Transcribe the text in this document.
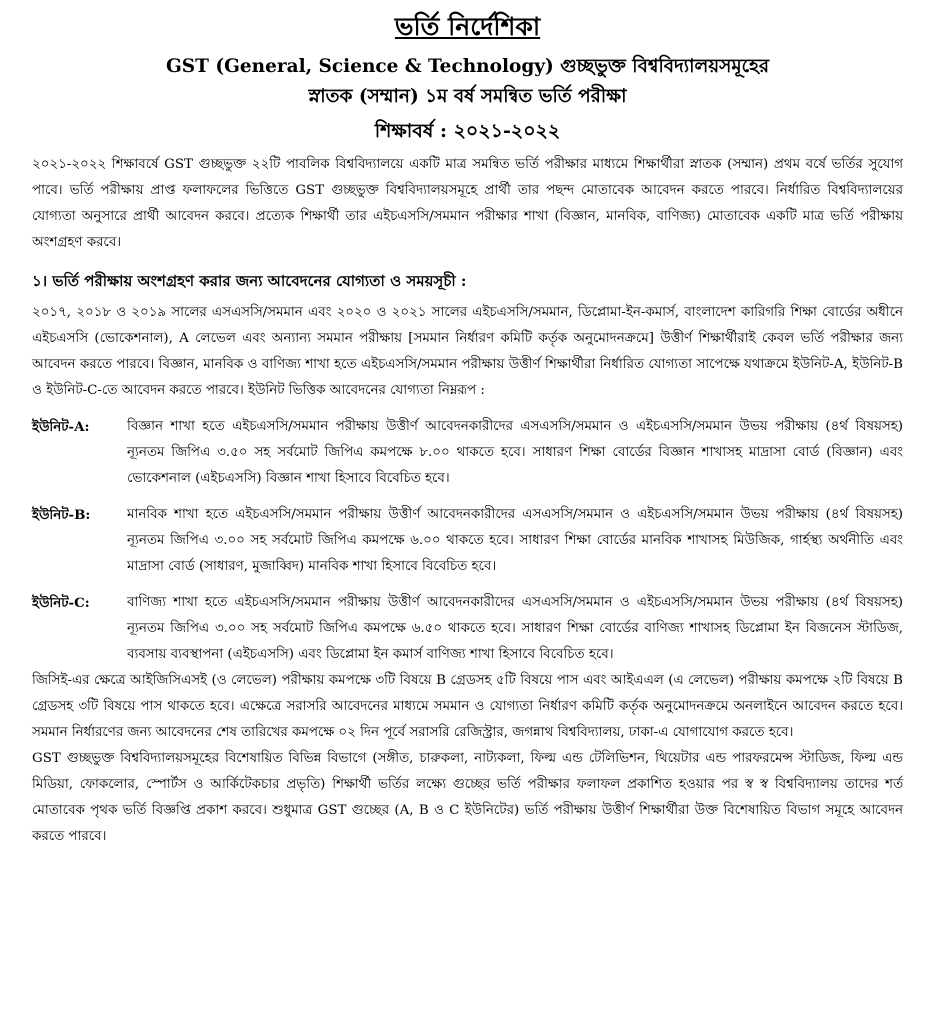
ভর্তি নির্দেশিকা
GST (General, Science & Technology) গুচ্ছভুক্ত বিশ্ববিদ্যালয়সমূহের
স্নাতক (সম্মান) ১ম বর্ষ সমন্বিত ভর্তি পরীক্ষা
শিক্ষাবর্ষ : ২০২১-২০২২

২০২১-২০২২ শিক্ষাবর্ষে GST গুচ্ছভুক্ত ২২টি পাবলিক বিশ্ববিদ্যালয়ে একটি মাত্র সমন্বিত ভর্তি পরীক্ষার মাধ্যমে শিক্ষার্থীরা স্নাতক (সম্মান) প্রথম বর্ষে ভর্তির সুযোগ পাবে। ভর্তি পরীক্ষায় প্রাপ্ত ফলাফলের ভিত্তিতে GST গুচ্ছভুক্ত বিশ্ববিদ্যালয়সমূহে প্রার্থী তার পছন্দ মোতাবেক আবেদন করতে পারবে। নির্ধারিত বিশ্ববিদ্যালয়ের যোগ্যতা অনুসারে প্রার্থী আবেদন করবে। প্রত্যেক শিক্ষার্থী তার এইচএসসি/সমমান পরীক্ষার শাখা (বিজ্ঞান, মানবিক, বাণিজ্য) মোতাবেক একটি মাত্র ভর্তি পরীক্ষায় অংশগ্রহণ করবে।

১। ভর্তি পরীক্ষায় অংশগ্রহণ করার জন্য আবেদনের যোগ্যতা ও সময়সূচী :

২০১৭, ২০১৮ ও ২০১৯ সালের এসএসসি/সমমান এবং ২০২০ ও ২০২১ সালের এইচএসসি/সমমান, ডিপ্লোমা-ইন-কমার্স, বাংলাদেশ কারিগরি শিক্ষা বোর্ডের অধীনে এইচএসসি (ভোকেশনাল), A লেভেল এবং অন্যান্য সমমান পরীক্ষায় [সমমান নির্ধারণ কমিটি কর্তৃক অনুমোদনক্রমে] উত্তীর্ণ শিক্ষার্থীরাই কেবল ভর্তি পরীক্ষার জন্য আবেদন করতে পারবে। বিজ্ঞান, মানবিক ও বাণিজ্য শাখা হতে এইচএসসি/সমমান পরীক্ষায় উত্তীর্ণ শিক্ষার্থীরা নির্ধারিত যোগ্যতা সাপেক্ষে যথাক্রমে ইউনিট-A, ইউনিট-B ও ইউনিট-C-তে আবেদন করতে পারবে। ইউনিট ভিত্তিক আবেদনের যোগ্যতা নিম্নরূপ :

ইউনিট-A:	বিজ্ঞান শাখা হতে এইচএসসি/সমমান পরীক্ষায় উত্তীর্ণ আবেদনকারীদের এসএসসি/সমমান ও এইচএসসি/সমমান উভয় পরীক্ষায় (৪র্থ বিষয়সহ) ন্যূনতম জিপিএ ৩.৫০ সহ সর্বমোট জিপিএ কমপক্ষে ৮.০০ থাকতে হবে। সাধারণ শিক্ষা বোর্ডের বিজ্ঞান শাখাসহ মাদ্রাসা বোর্ড (বিজ্ঞান) এবং ভোকেশনাল (এইচএসসি) বিজ্ঞান শাখা হিসাবে বিবেচিত হবে।

ইউনিট-B:	মানবিক শাখা হতে এইচএসসি/সমমান পরীক্ষায় উত্তীর্ণ আবেদনকারীদের এসএসসি/সমমান ও এইচএসসি/সমমান উভয় পরীক্ষায় (৪র্থ বিষয়সহ) ন্যূনতম জিপিএ ৩.০০ সহ সর্বমোট জিপিএ কমপক্ষে ৬.০০ থাকতে হবে। সাধারণ শিক্ষা বোর্ডের মানবিক শাখাসহ মিউজিক, গার্হস্থ্য অর্থনীতি এবং মাদ্রাসা বোর্ড (সাধারণ, মুজাব্বিদ) মানবিক শাখা হিসাবে বিবেচিত হবে।

ইউনিট-C:	বাণিজ্য শাখা হতে এইচএসসি/সমমান পরীক্ষায় উত্তীর্ণ আবেদনকারীদের এসএসসি/সমমান ও এইচএসসি/সমমান উভয় পরীক্ষায় (৪র্থ বিষয়সহ) ন্যূনতম জিপিএ ৩.০০ সহ সর্বমোট জিপিএ কমপক্ষে ৬.৫০ থাকতে হবে। সাধারণ শিক্ষা বোর্ডের বাণিজ্য শাখাসহ ডিপ্লোমা ইন বিজনেস স্টাডিজ, ব্যবসায় ব্যবস্থাপনা (এইচএসসি) এবং ডিপ্লোমা ইন কমার্স বাণিজ্য শাখা হিসাবে বিবেচিত হবে।

জিসিই-এর ক্ষেত্রে আইজিসিএসই (ও লেভেল) পরীক্ষায় কমপক্ষে ৩টি বিষয়ে B গ্রেডসহ ৫টি বিষয়ে পাস এবং আইএএল (এ লেভেল) পরীক্ষায় কমপক্ষে ২টি বিষয়ে B গ্রেডসহ ৩টি বিষয়ে পাস থাকতে হবে। এক্ষেত্রে সরাসরি আবেদনের মাধ্যমে সমমান ও যোগ্যতা নির্ধারণ কমিটি কর্তৃক অনুমোদনক্রমে অনলাইনে আবেদন করতে হবে। সমমান নির্ধারণের জন্য আবেদনের শেষ তারিখের কমপক্ষে ০২ দিন পূর্বে সরাসরি রেজিস্ট্রার, জগন্নাথ বিশ্ববিদ্যালয়, ঢাকা-এ যোগাযোগ করতে হবে।

GST গুচ্ছভুক্ত বিশ্ববিদ্যালয়সমূহের বিশেষায়িত বিভিন্ন বিভাগে (সঙ্গীত, চারুকলা, নাট্যকলা, ফিল্ম এন্ড টেলিভিশন, থিয়েটার এন্ড পারফরমেন্স স্টাডিজ, ফিল্ম এন্ড মিডিয়া, ফোকলোর, স্পোর্টস ও আর্কিটেকচার প্রভৃতি) শিক্ষার্থী ভর্তির লক্ষ্যে গুচ্ছের ভর্তি পরীক্ষার ফলাফল প্রকাশিত হওয়ার পর স্ব স্ব বিশ্ববিদ্যালয় তাদের শর্ত মোতাবেক পৃথক ভর্তি বিজ্ঞপ্তি প্রকাশ করবে। শুধুমাত্র GST গুচ্ছের (A, B ও C ইউনিটের) ভর্তি পরীক্ষায় উত্তীর্ণ শিক্ষার্থীরা উক্ত বিশেষায়িত বিভাগ সমূহে আবেদন করতে পারবে।
